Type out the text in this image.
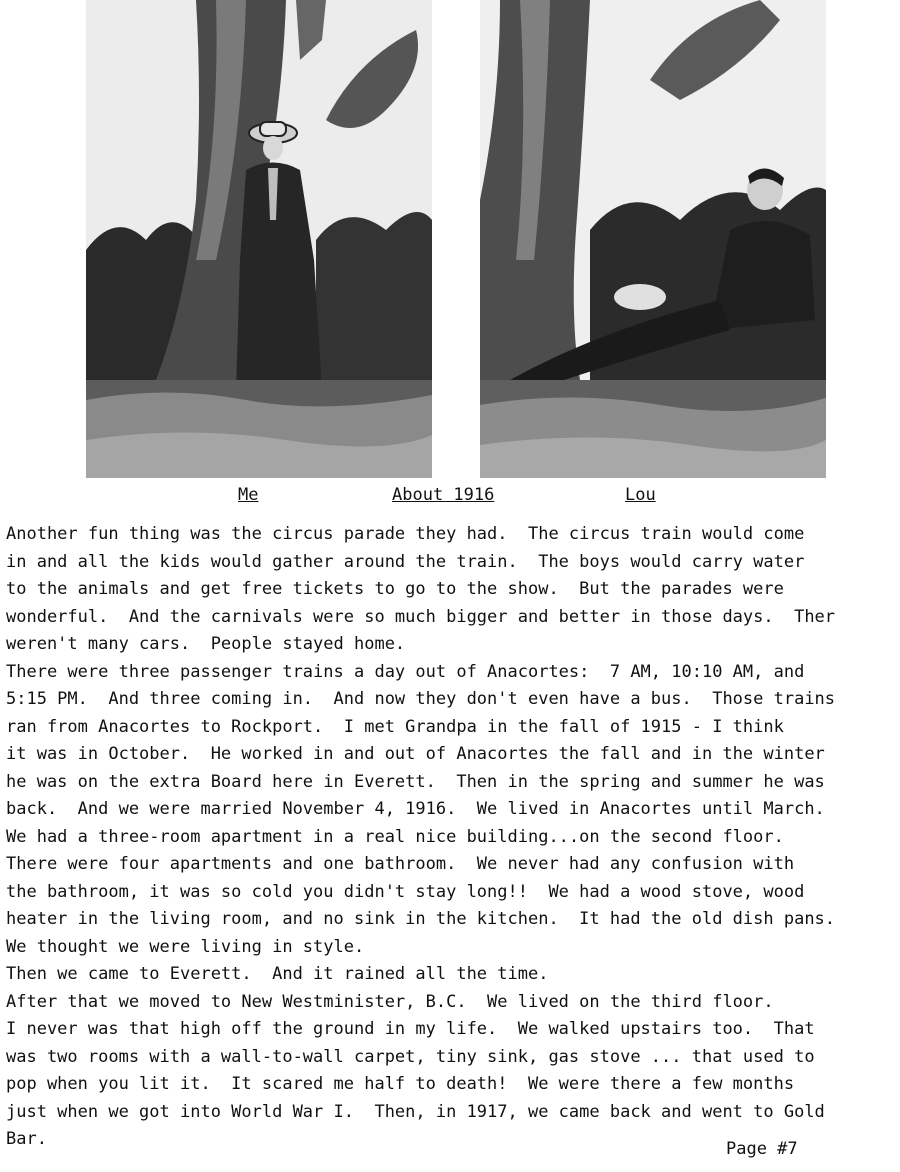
Me	About 1916	Lou
Another fun thing was the circus parade they had.  The circus train would come
in and all the kids would gather around the train.  The boys would carry water
to the animals and get free tickets to go to the show.  But the parades were
wonderful.  And the carnivals were so much bigger and better in those days.  Ther
weren't many cars.  People stayed home.
There were three passenger trains a day out of Anacortes:  7 AM, 10:10 AM, and
5:15 PM.  And three coming in.  And now they don't even have a bus.  Those trains
ran from Anacortes to Rockport.  I met Grandpa in the fall of 1915 - I think
it was in October.  He worked in and out of Anacortes the fall and in the winter
he was on the extra Board here in Everett.  Then in the spring and summer he was
back.  And we were married November 4, 1916.  We lived in Anacortes until March.
We had a three-room apartment in a real nice building...on the second floor.
There were four apartments and one bathroom.  We never had any confusion with
the bathroom, it was so cold you didn't stay long!!  We had a wood stove, wood
heater in the living room, and no sink in the kitchen.  It had the old dish pans.
We thought we were living in style.
Then we came to Everett.  And it rained all the time.
After that we moved to New Westminister, B.C.  We lived on the third floor.
I never was that high off the ground in my life.  We walked upstairs too.  That
was two rooms with a wall-to-wall carpet, tiny sink, gas stove ... that used to
pop when you lit it.  It scared me half to death!  We were there a few months
just when we got into World War I.  Then, in 1917, we came back and went to Gold
Bar.	Page #7
